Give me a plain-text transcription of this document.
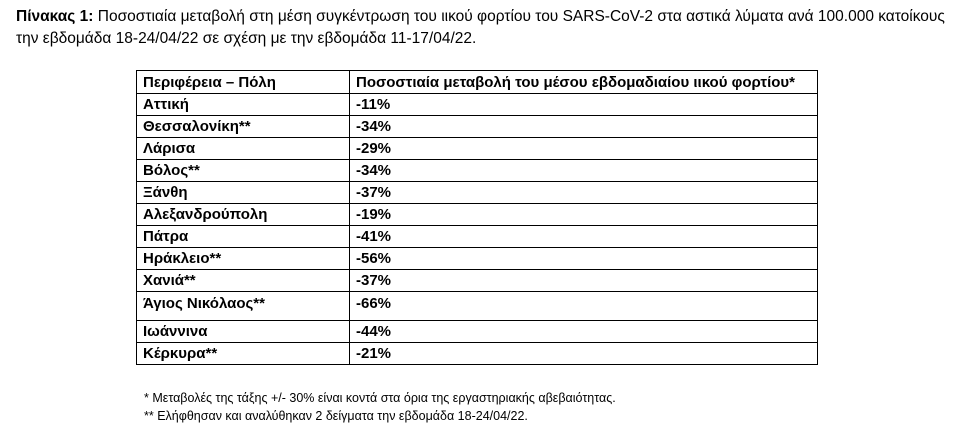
Πίνακας 1: Ποσοστιαία μεταβολή στη μέση συγκέντρωση του ιικού φορτίου του SARS-CoV-2 στα αστικά λύματα ανά 100.000 κατοίκους την εβδομάδα 18-24/04/22 σε σχέση με την εβδομάδα 11-17/04/22.
Περιφέρεια – Πόλη	Ποσοστιαία μεταβολή του μέσου εβδομαδιαίου ιικού φορτίου*
Αττική	-11%
Θεσσαλονίκη**	-34%
Λάρισα	-29%
Βόλος**	-34%
Ξάνθη	-37%
Αλεξανδρούπολη	-19%
Πάτρα	-41%
Ηράκλειο**	-56%
Χανιά**	-37%
Άγιος Νικόλαος**	-66%
Ιωάννινα	-44%
Κέρκυρα**	-21%
* Μεταβολές της τάξης +/- 30% είναι κοντά στα όρια της εργαστηριακής αβεβαιότητας.
** Ελήφθησαν και αναλύθηκαν 2 δείγματα την εβδομάδα 18-24/04/22.
